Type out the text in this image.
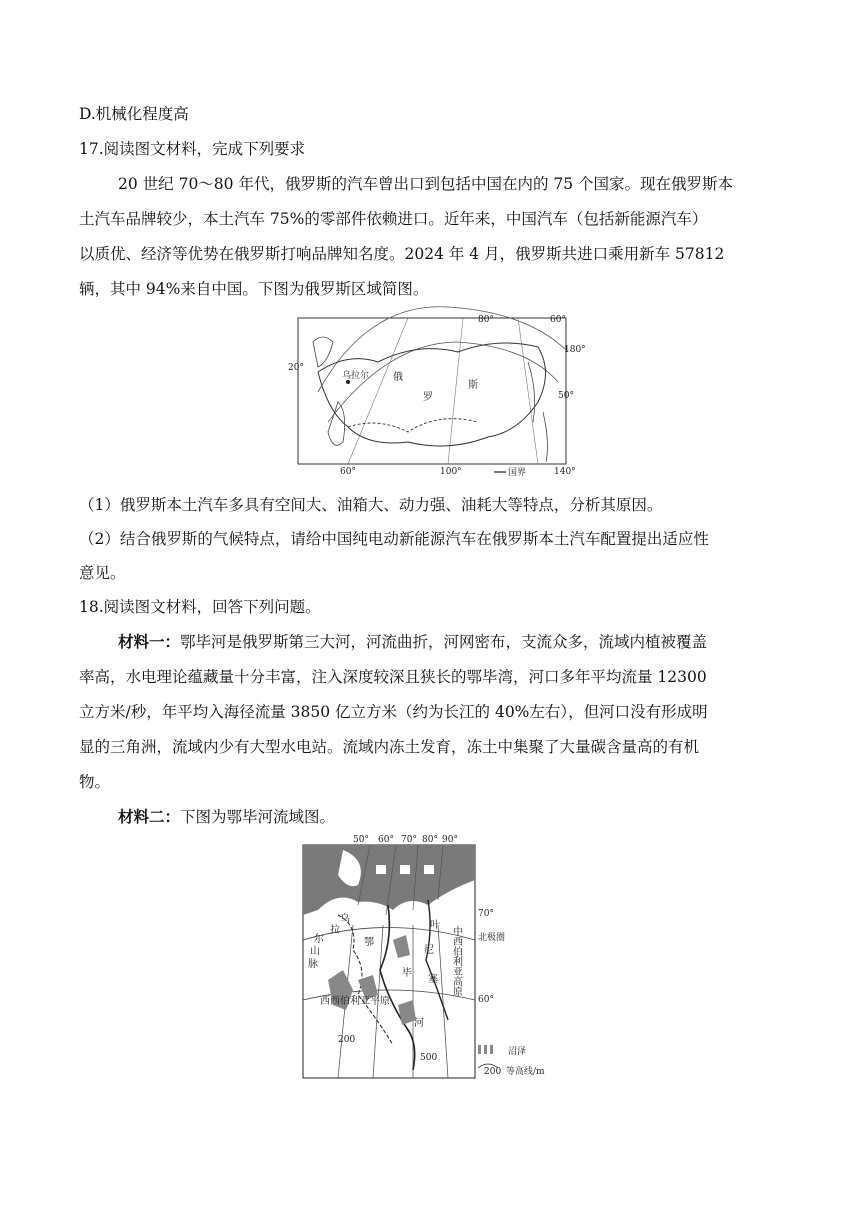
D.机械化程度高
17.阅读图文材料，完成下列要求
20 世纪 70～80 年代，俄罗斯的汽车曾出口到包括中国在内的 75 个国家。现在俄罗斯本
土汽车品牌较少，本土汽车 75%的零部件依赖进口。近年来，中国汽车（包括新能源汽车）
以质优、经济等优势在俄罗斯打响品牌知名度。2024 年 4 月，俄罗斯共进口乘用新车 57812
辆，其中 94%来自中国。下图为俄罗斯区域简图。
80°	60°
180°
20°
50°
60°	100°	140°
乌拉尔 俄
罗
斯
国界
（1）俄罗斯本土汽车多具有空间大、油箱大、动力强、油耗大等特点，分析其原因。
（2）结合俄罗斯的气候特点，请给中国纯电动新能源汽车在俄罗斯本土汽车配置提出适应性
意见。
18.阅读图文材料，回答下列问题。
材料一：鄂毕河是俄罗斯第三大河，河流曲折，河网密布，支流众多，流域内植被覆盖
率高，水电理论蕴藏量十分丰富，注入深度较深且狭长的鄂毕湾，河口多年平均流量 12300
立方米/秒，年平均入海径流量 3850 亿立方米（约为长江的 40%左右），但河口没有形成明
显的三角洲，流域内少有大型水电站。流域内冻土发育，冻土中集聚了大量碳含量高的有机
物。
材料二：下图为鄂毕河流域图。
50° 60° 70° 80° 90°
70°
60°
北极圈
乌
拉
尔
山
脉
鄂
毕
河
叶
尼
塞 中西伯利亚高原
西西伯利亚平原
200
500
沼泽
200 等高线/m
